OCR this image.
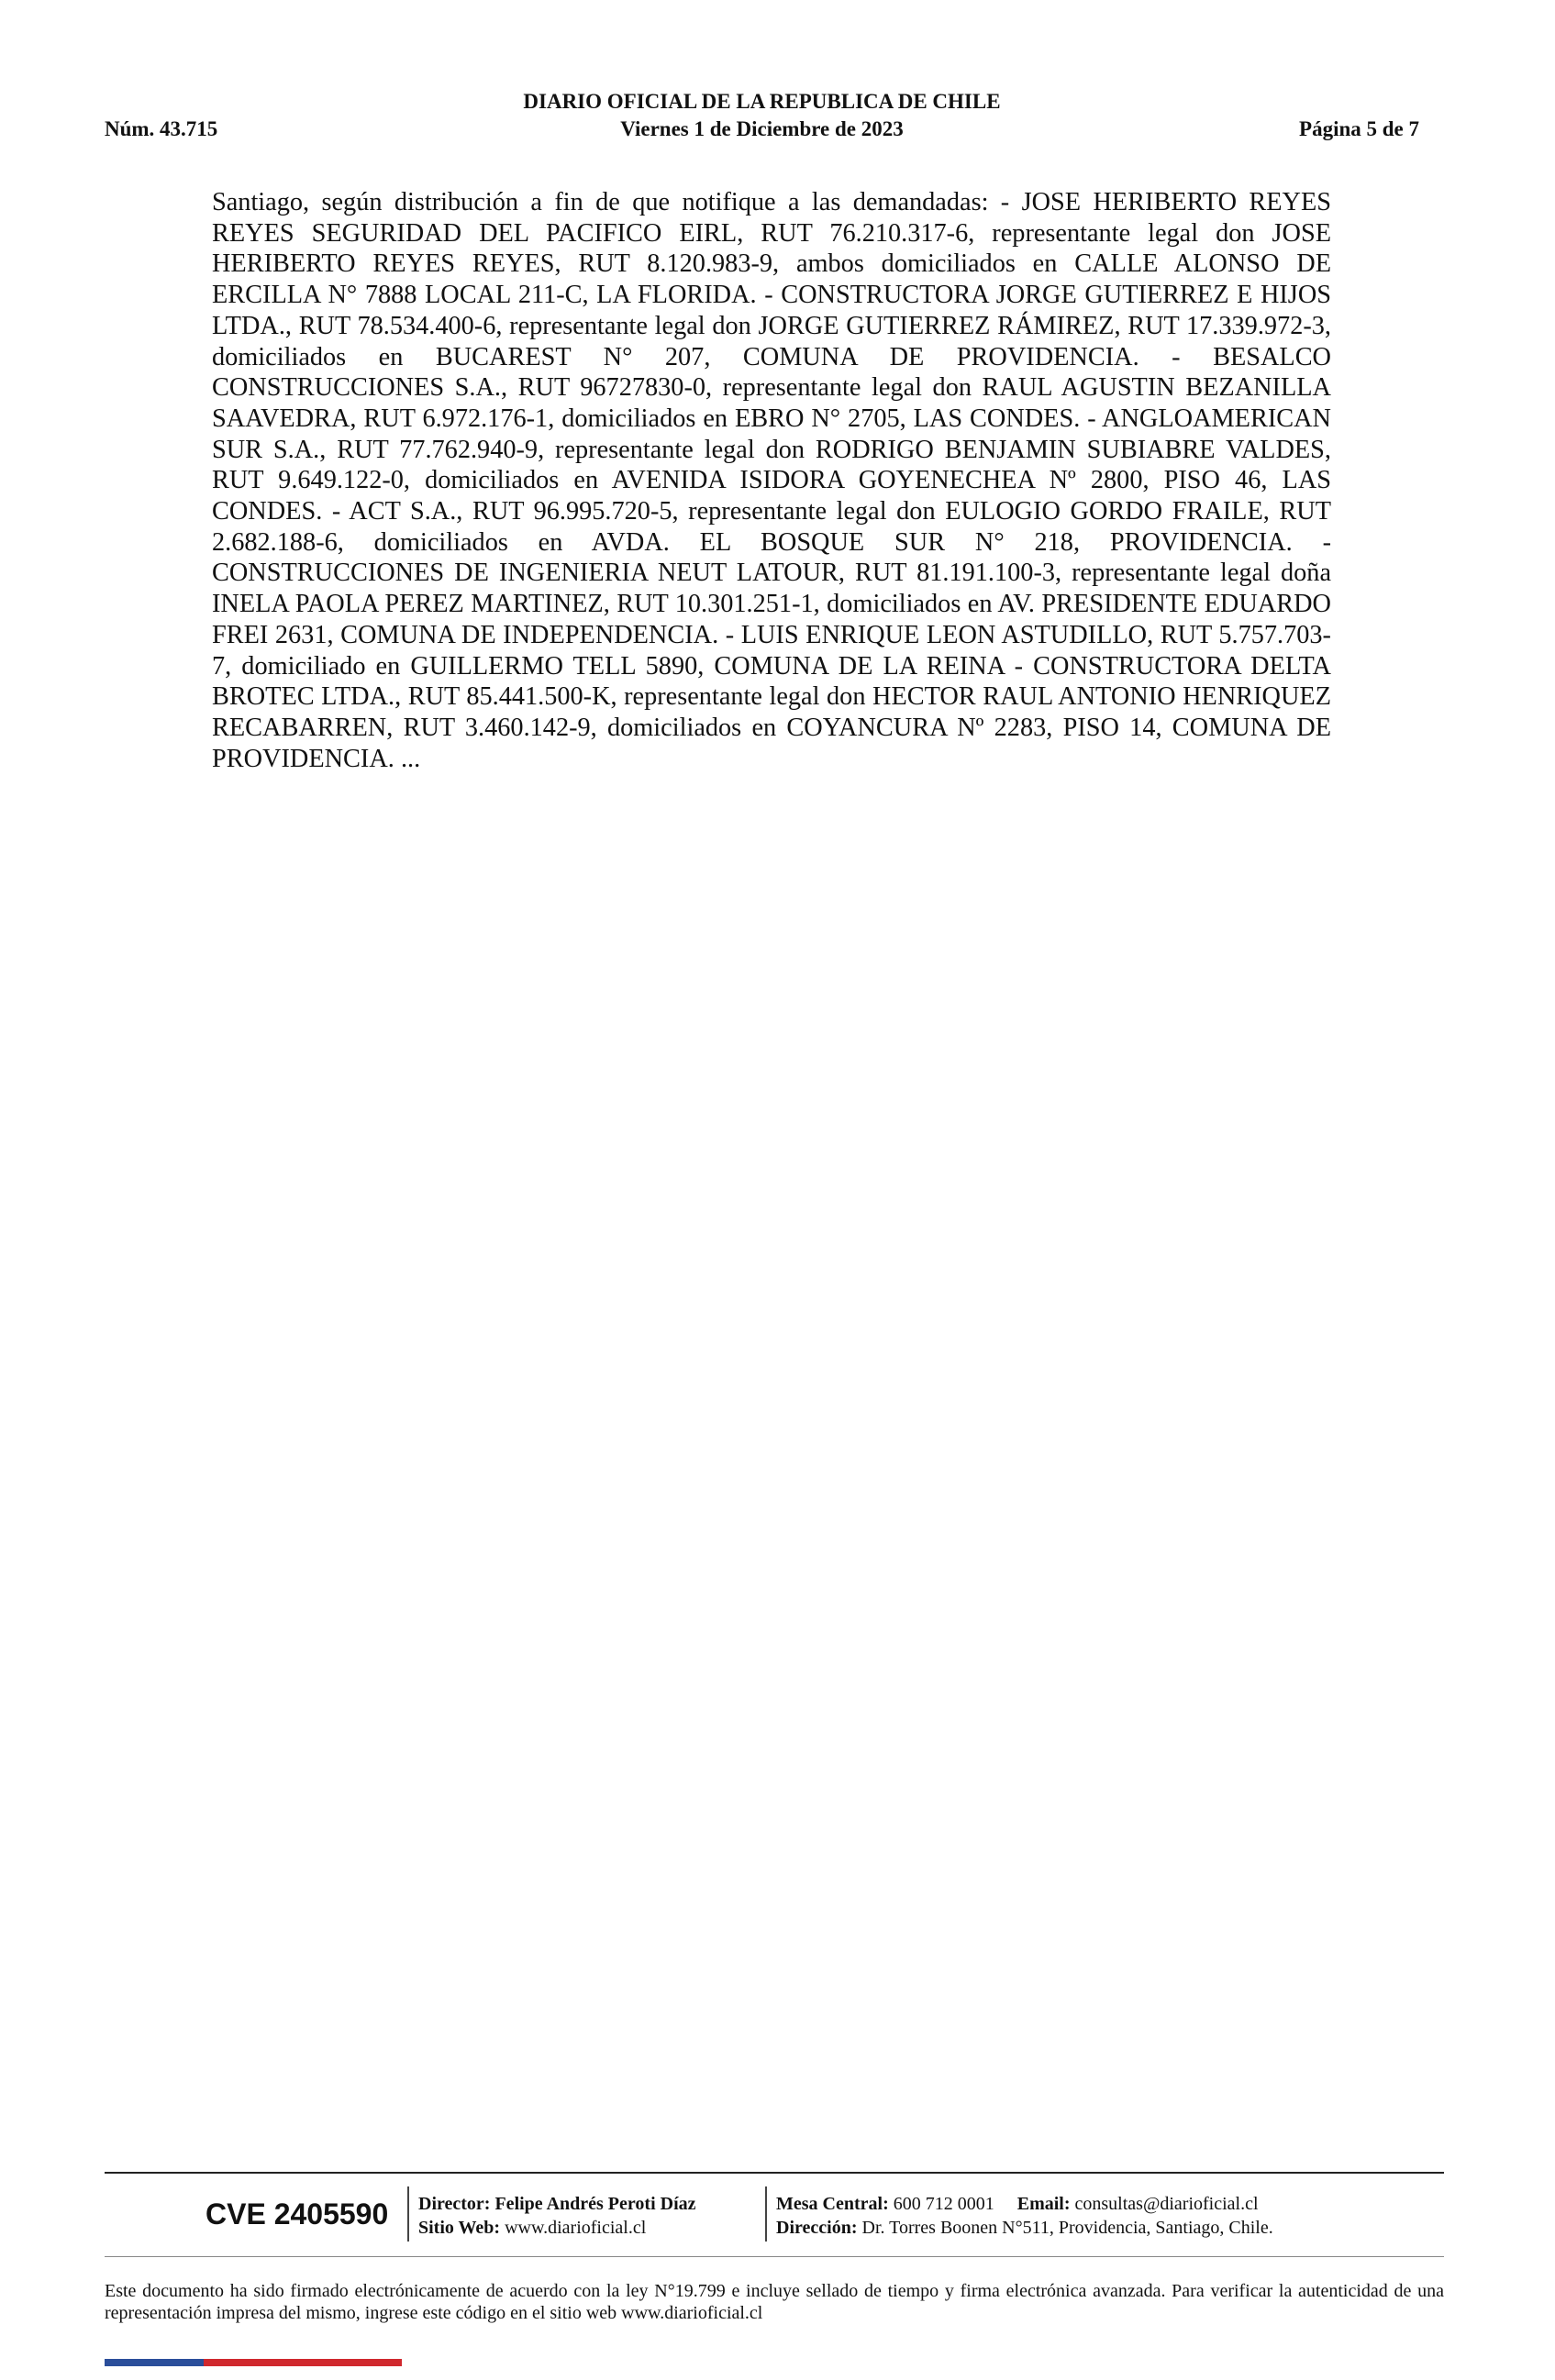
DIARIO OFICIAL DE LA REPUBLICA DE CHILE
Núm. 43.715	Viernes 1 de Diciembre de 2023	Página 5 de 7

Santiago, según distribución a fin de que notifique a las demandadas: - JOSE HERIBERTO REYES REYES SEGURIDAD DEL PACIFICO EIRL, RUT 76.210.317-6, representante legal don JOSE HERIBERTO REYES REYES, RUT 8.120.983-9, ambos domiciliados en CALLE ALONSO DE ERCILLA N° 7888 LOCAL 211-C, LA FLORIDA. - CONSTRUCTORA JORGE GUTIERREZ E HIJOS LTDA., RUT 78.534.400-6, representante legal don JORGE GUTIERREZ RÁMIREZ, RUT 17.339.972-3, domiciliados en BUCAREST N° 207, COMUNA DE PROVIDENCIA. - BESALCO CONSTRUCCIONES S.A., RUT 96727830-0, representante legal don RAUL AGUSTIN BEZANILLA SAAVEDRA, RUT 6.972.176-1, domiciliados en EBRO N° 2705, LAS CONDES. - ANGLOAMERICAN SUR S.A., RUT 77.762.940-9, representante legal don RODRIGO BENJAMIN SUBIABRE VALDES, RUT 9.649.122-0, domiciliados en AVENIDA ISIDORA GOYENECHEA Nº 2800, PISO 46, LAS CONDES. - ACT S.A., RUT 96.995.720-5, representante legal don EULOGIO GORDO FRAILE, RUT 2.682.188-6, domiciliados en AVDA. EL BOSQUE SUR N° 218, PROVIDENCIA. - CONSTRUCCIONES DE INGENIERIA NEUT LATOUR, RUT 81.191.100-3, representante legal doña INELA PAOLA PEREZ MARTINEZ, RUT 10.301.251-1, domiciliados en AV. PRESIDENTE EDUARDO FREI 2631, COMUNA DE INDEPENDENCIA. - LUIS ENRIQUE LEON ASTUDILLO, RUT 5.757.703-7, domiciliado en GUILLERMO TELL 5890, COMUNA DE LA REINA - CONSTRUCTORA DELTA BROTEC LTDA., RUT 85.441.500-K, representante legal don HECTOR RAUL ANTONIO HENRIQUEZ RECABARREN, RUT 3.460.142-9, domiciliados en COYANCURA Nº 2283, PISO 14, COMUNA DE PROVIDENCIA. ...

CVE 2405590 Director: Felipe Andrés Peroti Díaz
Sitio Web: www.diarioficial.cl
Mesa Central: 600 712 0001 Email: consultas@diarioficial.cl
Dirección: Dr. Torres Boonen N°511, Providencia, Santiago, Chile.
Este documento ha sido firmado electrónicamente de acuerdo con la ley N°19.799 e incluye sellado de tiempo y firma electrónica avanzada. Para verificar la autenticidad de una representación impresa del mismo, ingrese este código en el sitio web www.diarioficial.cl
